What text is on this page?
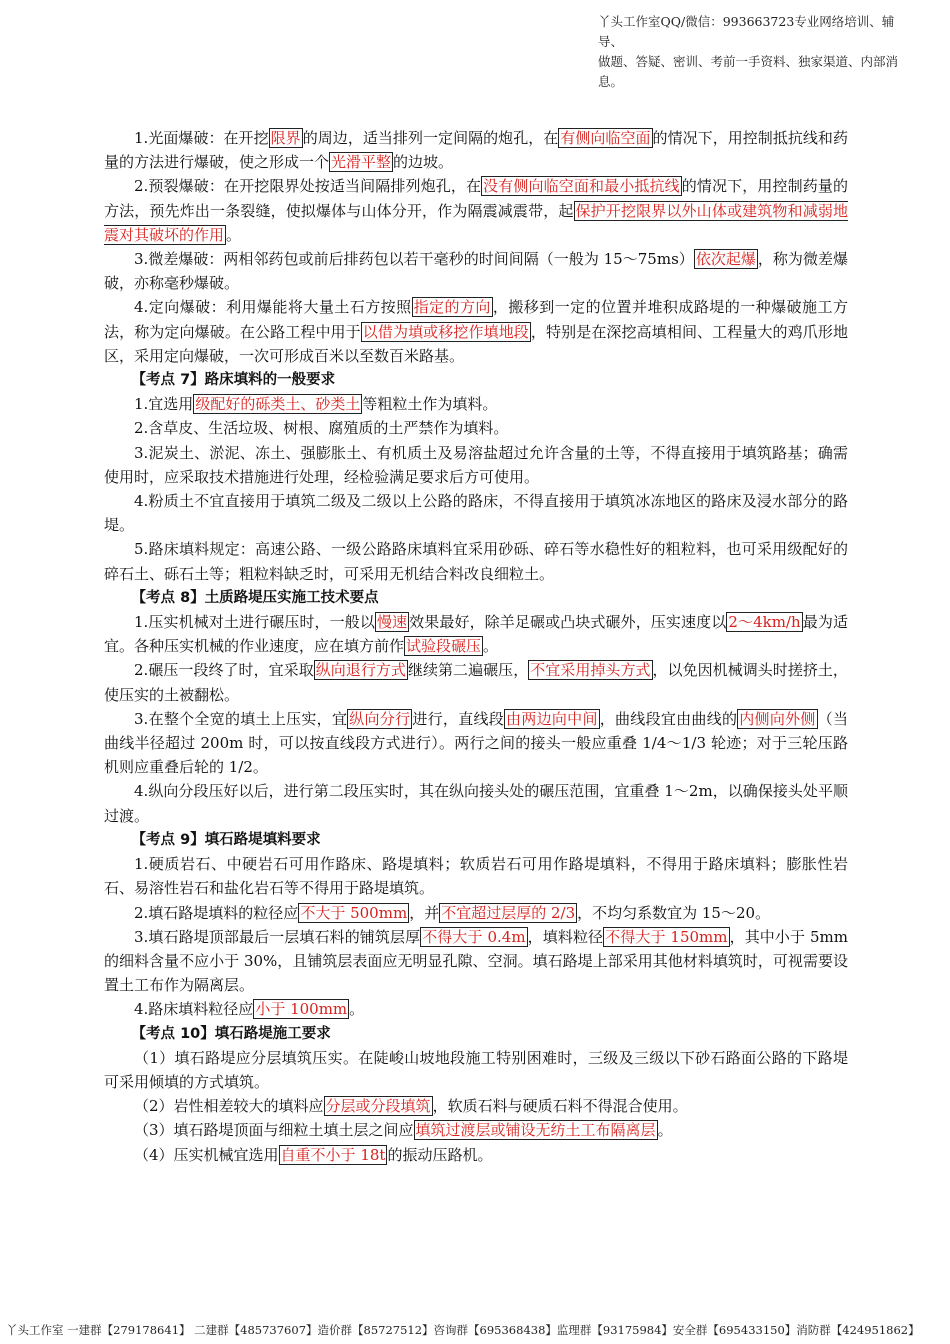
丫头工作室QQ/微信：993663723专业网络培训、辅导、
做题、答疑、密训、考前一手资料、独家渠道、内部消息。

1.光面爆破：在开挖 限界 的周边，适当排列一定间隔的炮孔，在 有侧向临空面 的情况下，用控制抵抗线和药量的方法进行爆破，使之形成一个 光滑平整 的边坡。

2.预裂爆破：在开挖限界处按适当间隔排列炮孔，在 没有侧向临空面和最小抵抗线 的情况下，用控制药量的方法，预先炸出一条裂缝，使拟爆体与山体分开，作为隔震减震带，起 保护开挖限界以外山体或建筑物和减弱地震对其破坏的作用 。

3.微差爆破：两相邻药包或前后排药包以若干毫秒的时间间隔（一般为 15～75ms） 依次起爆 ，称为微差爆破，亦称毫秒爆破。

4.定向爆破：利用爆能将大量土石方按照 指定的方向 ，搬移到一定的位置并堆积成路堤的一种爆破施工方法，称为定向爆破。在公路工程中用于 以借为填或移挖作填地段 ，特别是在深挖高填相间、工程量大的鸡爪形地区，采用定向爆破，一次可形成百米以至数百米路基。

【考点 7】路床填料的一般要求

1.宜选用 级配好的砾类土、砂类土 等粗粒土作为填料。

2.含草皮、生活垃圾、树根、腐殖质的土严禁作为填料。

3.泥炭土、淤泥、冻土、强膨胀土、有机质土及易溶盐超过允许含量的土等，不得直接用于填筑路基；确需使用时，应采取技术措施进行处理，经检验满足要求后方可使用。

4.粉质土不宜直接用于填筑二级及二级以上公路的路床，不得直接用于填筑冰冻地区的路床及浸水部分的路堤。

5.路床填料规定：高速公路、一级公路路床填料宜采用砂砾、碎石等水稳性好的粗粒料，也可采用级配好的碎石土、砾石土等；粗粒料缺乏时，可采用无机结合料改良细粒土。

【考点 8】土质路堤压实施工技术要点

1.压实机械对土进行碾压时，一般以 慢速 效果最好，除羊足碾或凸块式碾外，压实速度以 2～4km/h 最为适宜。各种压实机械的作业速度，应在填方前作 试验段碾压 。

2.碾压一段终了时，宜采取 纵向退行方式 继续第二遍碾压， 不宜采用掉头方式 ，以免因机械调头时搓挤土，使压实的土被翻松。

3.在整个全宽的填土上压实，宜 纵向分行 进行，直线段 由两边向中间 ，曲线段宜由曲线的 内侧向外侧 （当曲线半径超过 200m 时，可以按直线段方式进行）。两行之间的接头一般应重叠 1/4～1/3 轮迹；对于三轮压路机则应重叠后轮的 1/2。

4.纵向分段压好以后，进行第二段压实时，其在纵向接头处的碾压范围，宜重叠 1～2m，以确保接头处平顺过渡。

【考点 9】填石路堤填料要求

1.硬质岩石、中硬岩石可用作路床、路堤填料；软质岩石可用作路堤填料，不得用于路床填料；膨胀性岩石、易溶性岩石和盐化岩石等不得用于路堤填筑。

2.填石路堤填料的粒径应 不大于 500mm ，并 不宜超过层厚的 2/3 ，不均匀系数宜为 15～20。

3.填石路堤顶部最后一层填石料的铺筑层厚 不得大于 0.4m ，填料粒径 不得大于 150mm ，其中小于 5mm 的细料含量不应小于 30%，且铺筑层表面应无明显孔隙、空洞。填石路堤上部采用其他材料填筑时，可视需要设置土工布作为隔离层。

4.路床填料粒径应 小于 100mm 。

【考点 10】填石路堤施工要求

（1）填石路堤应分层填筑压实。在陡峻山坡地段施工特别困难时，三级及三级以下砂石路面公路的下路堤可采用倾填的方式填筑。

（2）岩性相差较大的填料应 分层或分段填筑 ，软质石料与硬质石料不得混合使用。

（3）填石路堤顶面与细粒土填土层之间应 填筑过渡层或铺设无纺土工布隔离层 。

（4）压实机械宜选用 自重不小于 18t 的振动压路机。

丫头工作室 一建群【279178641】 二建群【485737607】造价群【85727512】咨询群【695368438】监理群【93175984】安全群【695433150】消防群【424951862】
